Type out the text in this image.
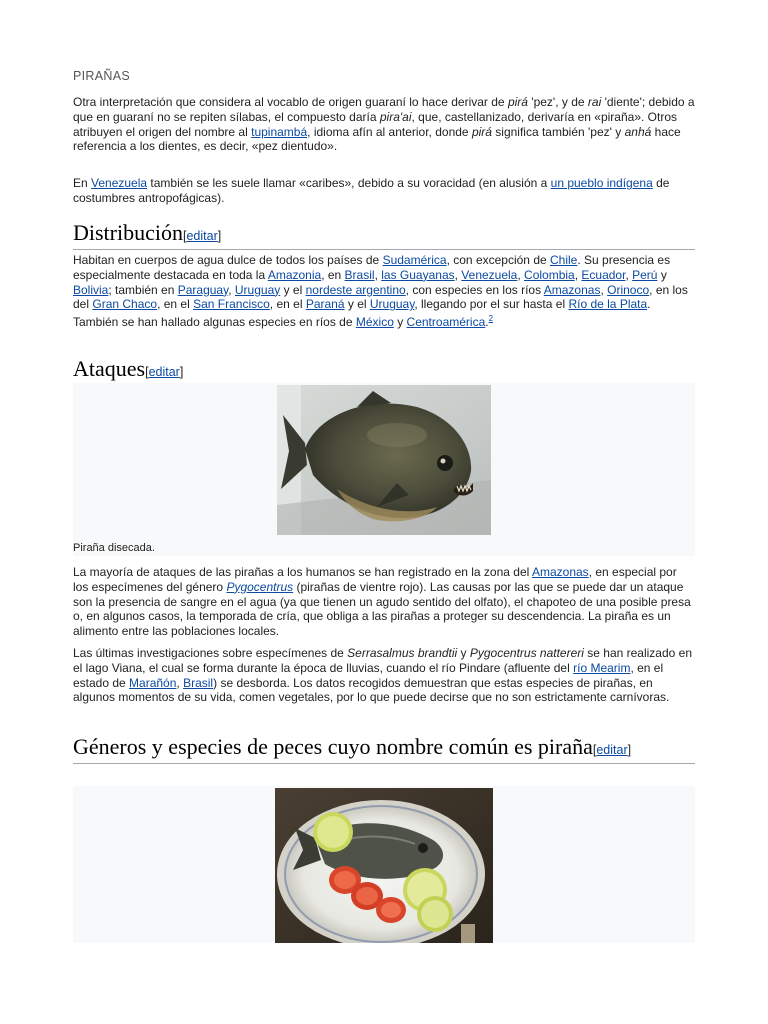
PIRAÑAS

Otra interpretación que considera al vocablo de origen guaraní lo hace derivar de pirá 'pez', y de rai 'diente'; debido a que en guaraní no se repiten sílabas, el compuesto daría pira'ai, que, castellanizado, derivaría en «piraña». Otros atribuyen el origen del nombre al tupinambá, idioma afín al anterior, donde pirá significa también 'pez' y anhá hace referencia a los dientes, es decir, «pez dientudo».

En Venezuela también se les suele llamar «caribes», debido a su voracidad (en alusión a un pueblo indígena de costumbres antropofágicas).

Distribución[editar]

Habitan en cuerpos de agua dulce de todos los países de Sudamérica, con excepción de Chile. Su presencia es especialmente destacada en toda la Amazonia, en Brasil, las Guayanas, Venezuela, Colombia, Ecuador, Perú y Bolivia; también en Paraguay, Uruguay y el nordeste argentino, con especies en los ríos Amazonas, Orinoco, en los del Gran Chaco, en el San Francisco, en el Paraná y el Uruguay, llegando por el sur hasta el Río de la Plata. También se han hallado algunas especies en ríos de México y Centroamérica.$^2$

Ataques[editar]
Piraña disecada.

La mayoría de ataques de las pirañas a los humanos se han registrado en la zona del Amazonas, en especial por los especímenes del género Pygocentrus (pirañas de vientre rojo). Las causas por las que se puede dar un ataque son la presencia de sangre en el agua (ya que tienen un agudo sentido del olfato), el chapoteo de una posible presa o, en algunos casos, la temporada de cría, que obliga a las pirañas a proteger su descendencia. La piraña es un alimento entre las poblaciones locales.

Las últimas investigaciones sobre especímenes de Serrasalmus brandtii y Pygocentrus nattereri se han realizado en el lago Viana, el cual se forma durante la época de lluvias, cuando el río Pindare (afluente del río Mearim, en el estado de Marañón, Brasil) se desborda. Los datos recogidos demuestran que estas especies de pirañas, en algunos momentos de su vida, comen vegetales, por lo que puede decirse que no son estrictamente carnívoras.

Géneros y especies de peces cuyo nombre común es piraña[editar]
